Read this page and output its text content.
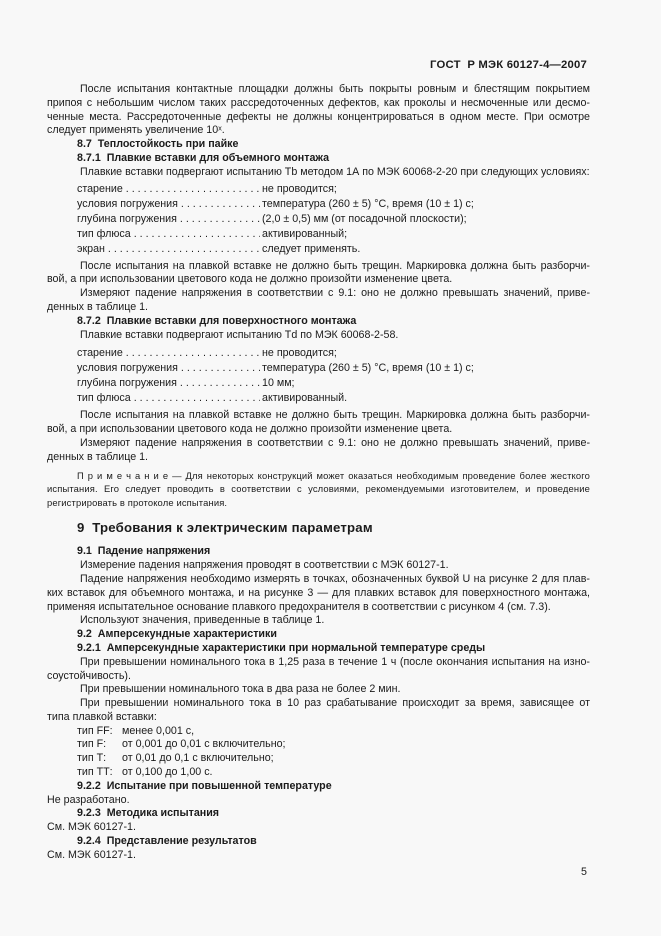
ГОСТ  Р МЭК 60127-4—2007
После испытания контактные площадки должны быть покрыты ровным и блестящим покрытием
припоя с небольшим числом таких рассредоточенных дефектов, как проколы и несмоченные или десмо-
ченные места. Рассредоточенные дефекты не должны концентрироваться в одном месте. При осмотре
следует применять увеличение 10ˣ.
8.7  Теплостойкость при пайке
8.7.1  Плавкие вставки для объемного монтажа
Плавкие вставки подвергают испытанию Tb методом 1А по МЭК 60068-2-20 при следующих условиях:
старение . . .	не проводится;
условия погружения . . .	температура (260 ± 5) °С, время (10 ± 1) с;
глубина погружения . . .	(2,0 ± 0,5) мм (от посадочной плоскости);
тип флюса . . .	активированный;
экран . . .	следует применять.
После испытания на плавкой вставке не должно быть трещин. Маркировка должна быть разборчи-
вой, а при использовании цветового кода не должно произойти изменение цвета.
Измеряют падение напряжения в соответствии с 9.1: оно не должно превышать значений, приве-
денных в таблице 1.
8.7.2  Плавкие вставки для поверхностного монтажа
Плавкие вставки подвергают испытанию Td по МЭК 60068-2-58.
старение . . .	не проводится;
условия погружения . . .	температура (260 ± 5) °С, время (10 ± 1) с;
глубина погружения . . .	10 мм;
тип флюса . . .	активированный.
После испытания на плавкой вставке не должно быть трещин. Маркировка должна быть разборчи-
вой, а при использовании цветового кода не должно произойти изменение цвета.
Измеряют падение напряжения в соответствии с 9.1: оно не должно превышать значений, приве-
денных в таблице 1.
П р и м е ч а н и е — Для некоторых конструкций может оказаться необходимым проведение более жесткого
испытания. Его следует проводить в соответствии с условиями, рекомендуемыми изготовителем, и проведение
регистрировать в протоколе испытания.
9  Требования к электрическим параметрам
9.1  Падение напряжения
Измерение падения напряжения проводят в соответствии с МЭК 60127-1.
Падение напряжения необходимо измерять в точках, обозначенных буквой U на рисунке 2 для плав-
ких вставок для объемного монтажа, и на рисунке 3 — для плавких вставок для поверхностного монтажа,
применяя испытательное основание плавкого предохранителя в соответствии с рисунком 4 (см. 7.3).
Используют значения, приведенные в таблице 1.
9.2  Амперсекундные характеристики
9.2.1  Амперсекундные характеристики при нормальной температуре среды
При превышении номинального тока в 1,25 раза в течение 1 ч (после окончания испытания на изно-
соустойчивость).
При превышении номинального тока в два раза не более 2 мин.
При превышении номинального тока в 10 раз срабатывание происходит за время, зависящее от
типа плавкой вставки:
тип FF: менее 0,001 с,
тип F: от 0,001 до 0,01 с включительно;
тип Т: от 0,01 до 0,1 с включительно;
тип ТТ: от 0,100 до 1,00 с.
9.2.2  Испытание при повышенной температуре
Не разработано.
9.2.3  Методика испытания
См. МЭК 60127-1.
9.2.4  Представление результатов
См. МЭК 60127-1.
5
